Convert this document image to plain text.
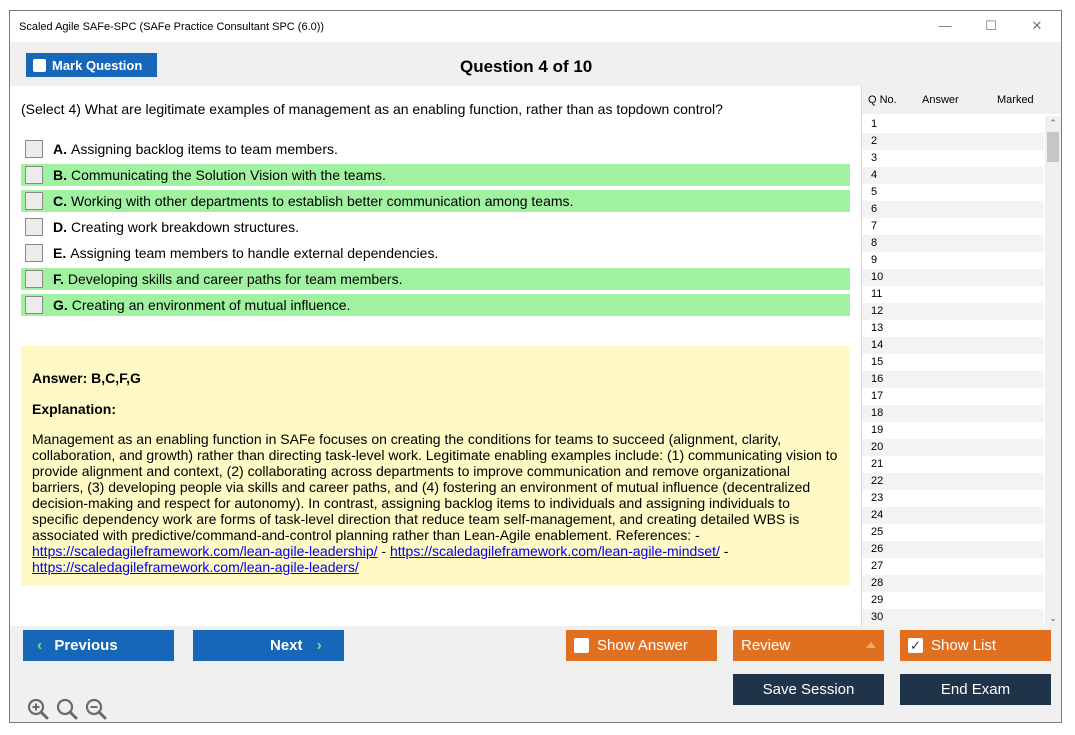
Scaled Agile SAFe-SPC (SAFe Practice Consultant SPC (6.0))	—	☐	✕
Mark Question	Question 4 of 10
(Select 4) What are legitimate examples of management as an enabling function, rather than as topdown control?
A. Assigning backlog items to team members.
B. Communicating the Solution Vision with the teams.
C. Working with other departments to establish better communication among teams.
D. Creating work breakdown structures.
E. Assigning team members to handle external dependencies.
F. Developing skills and career paths for team members.
G. Creating an environment of mutual influence.
Answer: B,C,F,G
Explanation:
Management as an enabling function in SAFe focuses on creating the conditions for teams to succeed (alignment, clarity, collaboration, and growth) rather than directing task-level work. Legitimate enabling examples include: (1) communicating vision to provide alignment and context, (2) collaborating across departments to improve communication and remove organizational barriers, (3) developing people via skills and career paths, and (4) fostering an environment of mutual influence (decentralized decision-making and respect for autonomy). In contrast, assigning backlog items to individuals and assigning individuals to specific dependency work are forms of task-level direction that reduce team self-management, and creating detailed WBS is associated with predictive/command-and-control planning rather than Lean-Agile enablement. References: - https://scaledagileframework.com/lean-agile-leadership/ - https://scaledagileframework.com/lean-agile-mindset/ - https://scaledagileframework.com/lean-agile-leaders/
Q No. Answer	Marked
1
2
3
4
5
6
7
8
9
10
11
12
13
14
15
16
17
18
19
20
21
22
23
24
25
26
27
28
29
30
⌃
⌄
‹ Previous	Next ›	Show Answer	Review	✓ Show List
Save Session	End Exam
